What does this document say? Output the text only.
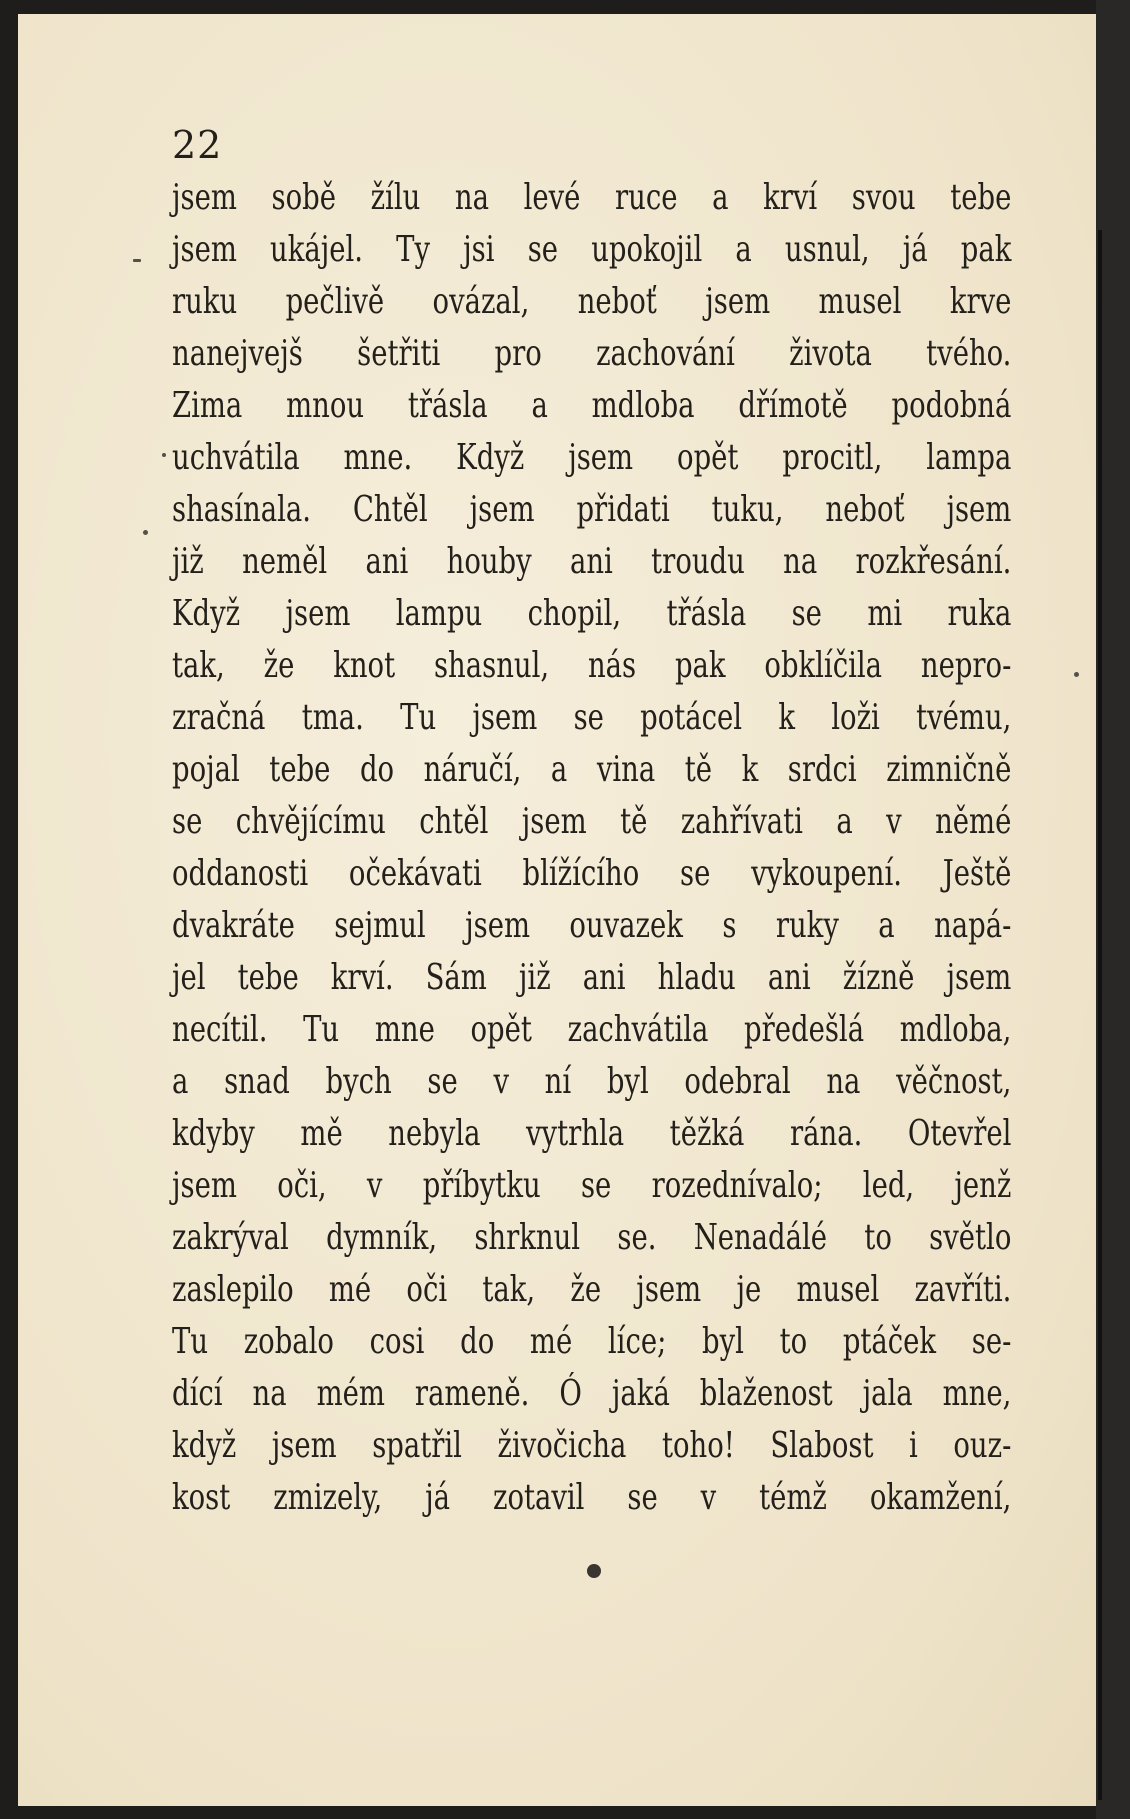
22
jsem sobě žílu na levé ruce a krví svou tebe
jsem ukájel. Ty jsi se upokojil a usnul, já pak
ruku pečlivě ovázal, neboť jsem musel krve
nanejvejš šetřiti pro zachování života tvého.
Zima mnou třásla a mdloba dřímotě podobná
uchvátila mne. Když jsem opět procitl, lampa
shasínala. Chtěl jsem přidati tuku, neboť jsem
již neměl ani houby ani troudu na rozkřesání.
Když jsem lampu chopil, třásla se mi ruka
tak, že knot shasnul, nás pak obklíčila nepro-
zračná tma. Tu jsem se potácel k loži tvému,
pojal tebe do náručí, a vina tě k srdci zimničně
se chvějícímu chtěl jsem tě zahřívati a v němé
oddanosti očekávati blížícího se vykoupení. Ještě
dvakráte sejmul jsem ouvazek s ruky a napá-
jel tebe krví. Sám již ani hladu ani žízně jsem
necítil. Tu mne opět zachvátila předešlá mdloba,
a snad bych se v ní byl odebral na věčnost,
kdyby mě nebyla vytrhla těžká rána. Otevřel
jsem oči, v příbytku se rozednívalo; led, jenž
zakrýval dymník, shrknul se. Nenadálé to světlo
zaslepilo mé oči tak, že jsem je musel zavříti.
Tu zobalo cosi do mé líce; byl to ptáček se-
dící na mém rameně. Ó jaká blaženost jala mne,
když jsem spatřil živočicha toho! Slabost i ouz-
kost zmizely, já zotavil se v témž okamžení,
